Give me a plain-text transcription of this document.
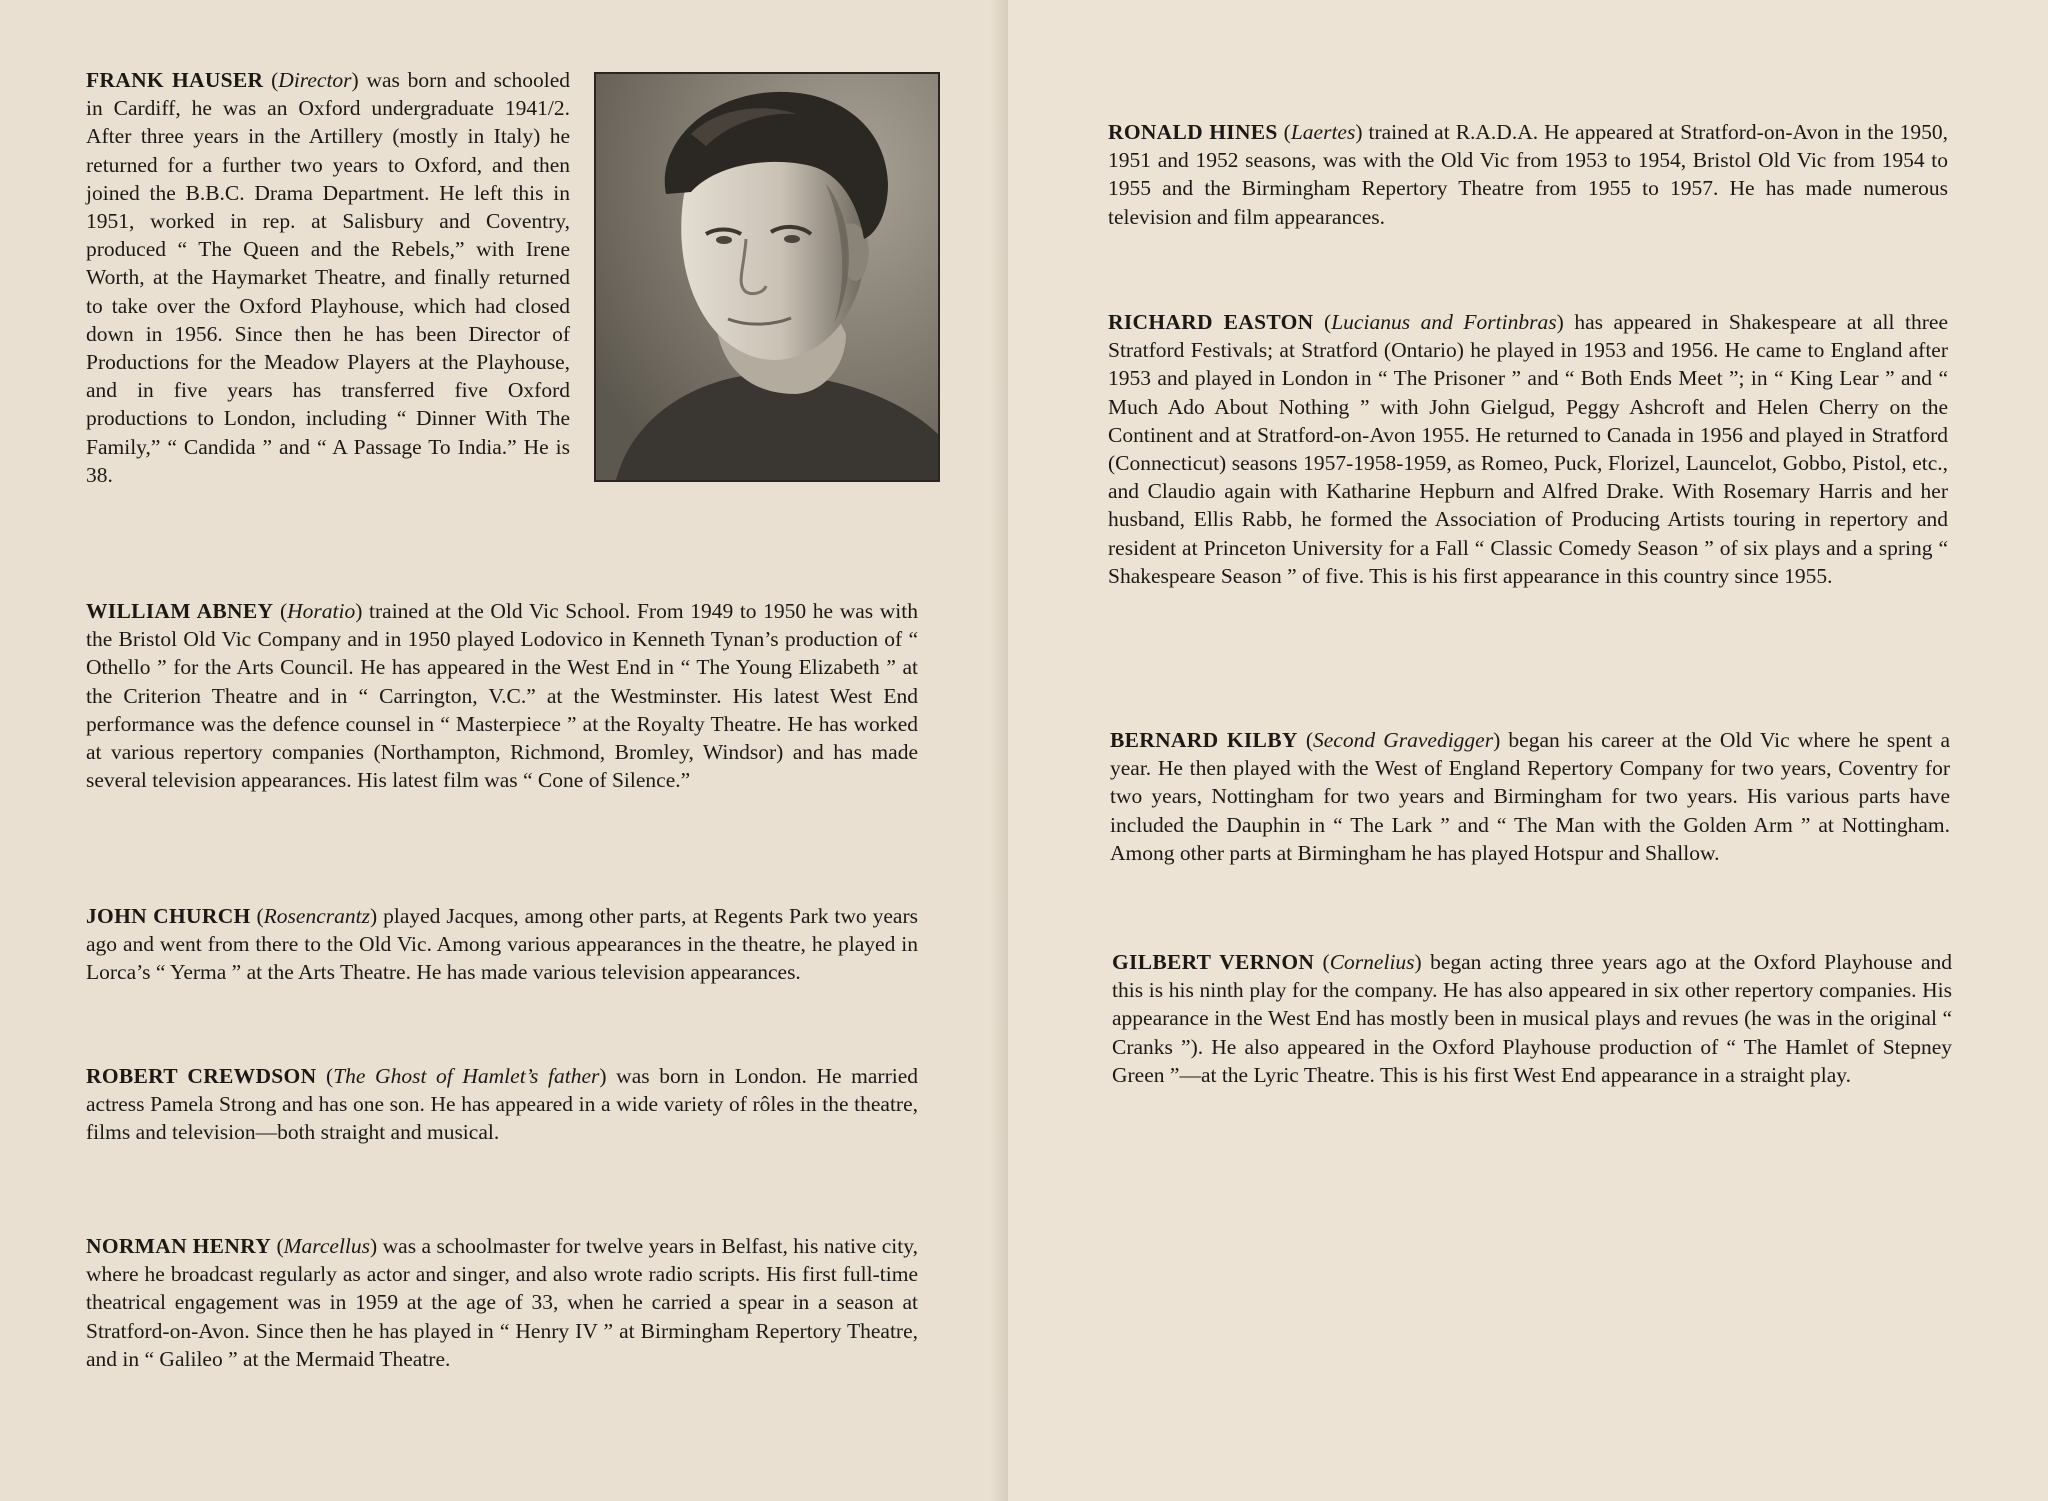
FRANK HAUSER (Director) was born and schooled in Cardiff, he was an Oxford undergraduate 1941/2. After three years in the Artillery (mostly in Italy) he returned for a further two years to Oxford, and then joined the B.B.C. Drama Department. He left this in 1951, worked in rep. at Salisbury and Coventry, produced “ The Queen and the Rebels,” with Irene Worth, at the Haymarket Theatre, and finally returned to take over the Oxford Playhouse, which had closed down in 1956. Since then he has been Director of Productions for the Meadow Players at the Playhouse, and in five years has transferred five Oxford productions to London, including “ Dinner With The Family,” “ Candida ” and “ A Passage To India.” He is 38.

WILLIAM ABNEY (Horatio) trained at the Old Vic School. From 1949 to 1950 he was with the Bristol Old Vic Company and in 1950 played Lodovico in Kenneth Tynan’s production of “ Othello ” for the Arts Council. He has appeared in the West End in “ The Young Elizabeth ” at the Criterion Theatre and in “ Carrington, V.C.” at the Westminster. His latest West End performance was the defence counsel in “ Masterpiece ” at the Royalty Theatre. He has worked at various repertory companies (Northampton, Richmond, Bromley, Windsor) and has made several television appearances. His latest film was “ Cone of Silence.”

JOHN CHURCH (Rosencrantz) played Jacques, among other parts, at Regents Park two years ago and went from there to the Old Vic. Among various appearances in the theatre, he played in Lorca’s “ Yerma ” at the Arts Theatre. He has made various television appearances.

ROBERT CREWDSON (The Ghost of Hamlet’s father) was born in London. He married actress Pamela Strong and has one son. He has appeared in a wide variety of rôles in the theatre, films and television—both straight and musical.

NORMAN HENRY (Marcellus) was a schoolmaster for twelve years in Belfast, his native city, where he broadcast regularly as actor and singer, and also wrote radio scripts. His first full-time theatrical engagement was in 1959 at the age of 33, when he carried a spear in a season at Stratford-on-Avon. Since then he has played in “ Henry IV ” at Birmingham Repertory Theatre, and in “ Galileo ” at the Mermaid Theatre.

RONALD HINES (Laertes) trained at R.A.D.A. He appeared at Stratford-on-Avon in the 1950, 1951 and 1952 seasons, was with the Old Vic from 1953 to 1954, Bristol Old Vic from 1954 to 1955 and the Birmingham Repertory Theatre from 1955 to 1957. He has made numerous television and film appearances.

RICHARD EASTON (Lucianus and Fortinbras) has appeared in Shakespeare at all three Stratford Festivals; at Stratford (Ontario) he played in 1953 and 1956. He came to England after 1953 and played in London in “ The Prisoner ” and “ Both Ends Meet ”; in “ King Lear ” and “ Much Ado About Nothing ” with John Gielgud, Peggy Ashcroft and Helen Cherry on the Continent and at Stratford-on-Avon 1955. He returned to Canada in 1956 and played in Stratford (Connecticut) seasons 1957-1958-1959, as Romeo, Puck, Florizel, Launcelot, Gobbo, Pistol, etc., and Claudio again with Katharine Hepburn and Alfred Drake. With Rosemary Harris and her husband, Ellis Rabb, he formed the Association of Producing Artists touring in repertory and resident at Princeton University for a Fall “ Classic Comedy Season ” of six plays and a spring “ Shakespeare Season ” of five. This is his first appearance in this country since 1955.

BERNARD KILBY (Second Gravedigger) began his career at the Old Vic where he spent a year. He then played with the West of England Repertory Company for two years, Coventry for two years, Nottingham for two years and Birmingham for two years. His various parts have included the Dauphin in “ The Lark ” and “ The Man with the Golden Arm ” at Nottingham. Among other parts at Birmingham he has played Hotspur and Shallow.

GILBERT VERNON (Cornelius) began acting three years ago at the Oxford Playhouse and this is his ninth play for the company. He has also appeared in six other repertory companies. His appearance in the West End has mostly been in musical plays and revues (he was in the original “ Cranks ”). He also appeared in the Oxford Playhouse production of “ The Hamlet of Stepney Green ”—at the Lyric Theatre. This is his first West End appearance in a straight play.
